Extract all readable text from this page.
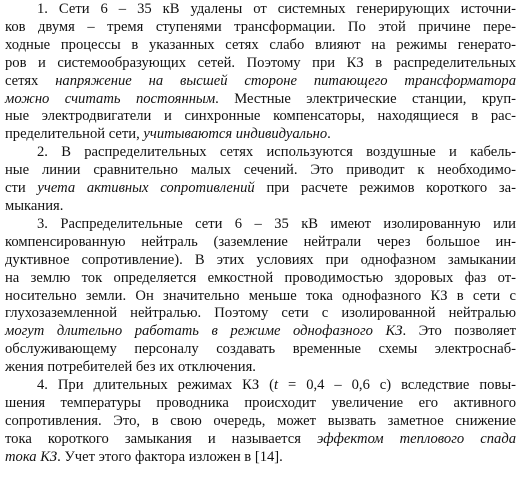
1. Сети 6 – 35 кВ удалены от системных генерирующих источни-
ков двумя – тремя ступенями трансформации. По этой причине пере-
ходные процессы в указанных сетях слабо влияют на режимы генерато-
ров и системообразующих сетей. Поэтому при КЗ в распределительных
сетях напряжение на высшей стороне питающего трансформатора
можно считать постоянным. Местные электрические станции, круп-
ные электродвигатели и синхронные компенсаторы, находящиеся в рас-
пределительной сети, учитываются индивидуально.
2. В распределительных сетях используются воздушные и кабель-
ные линии сравнительно малых сечений. Это приводит к необходимо-
сти учета активных сопротивлений при расчете режимов короткого за-
мыкания.
3. Распределительные сети 6 – 35 кВ имеют изолированную или
компенсированную нейтраль (заземление нейтрали через большое ин-
дуктивное сопротивление). В этих условиях при однофазном замыкании
на землю ток определяется емкостной проводимостью здоровых фаз от-
носительно земли. Он значительно меньше тока однофазного КЗ в сети с
глухозаземленной нейтралью. Поэтому сети с изолированной нейтралью
могут длительно работать в режиме однофазного КЗ. Это позволяет
обслуживающему персоналу создавать временные схемы электроснаб-
жения потребителей без их отключения.
4. При длительных режимах КЗ (t = 0,4 – 0,6 с) вследствие повы-
шения температуры проводника происходит увеличение его активного
сопротивления. Это, в свою очередь, может вызвать заметное снижение
тока короткого замыкания и называется эффектом теплового спада
тока КЗ. Учет этого фактора изложен в [14].
